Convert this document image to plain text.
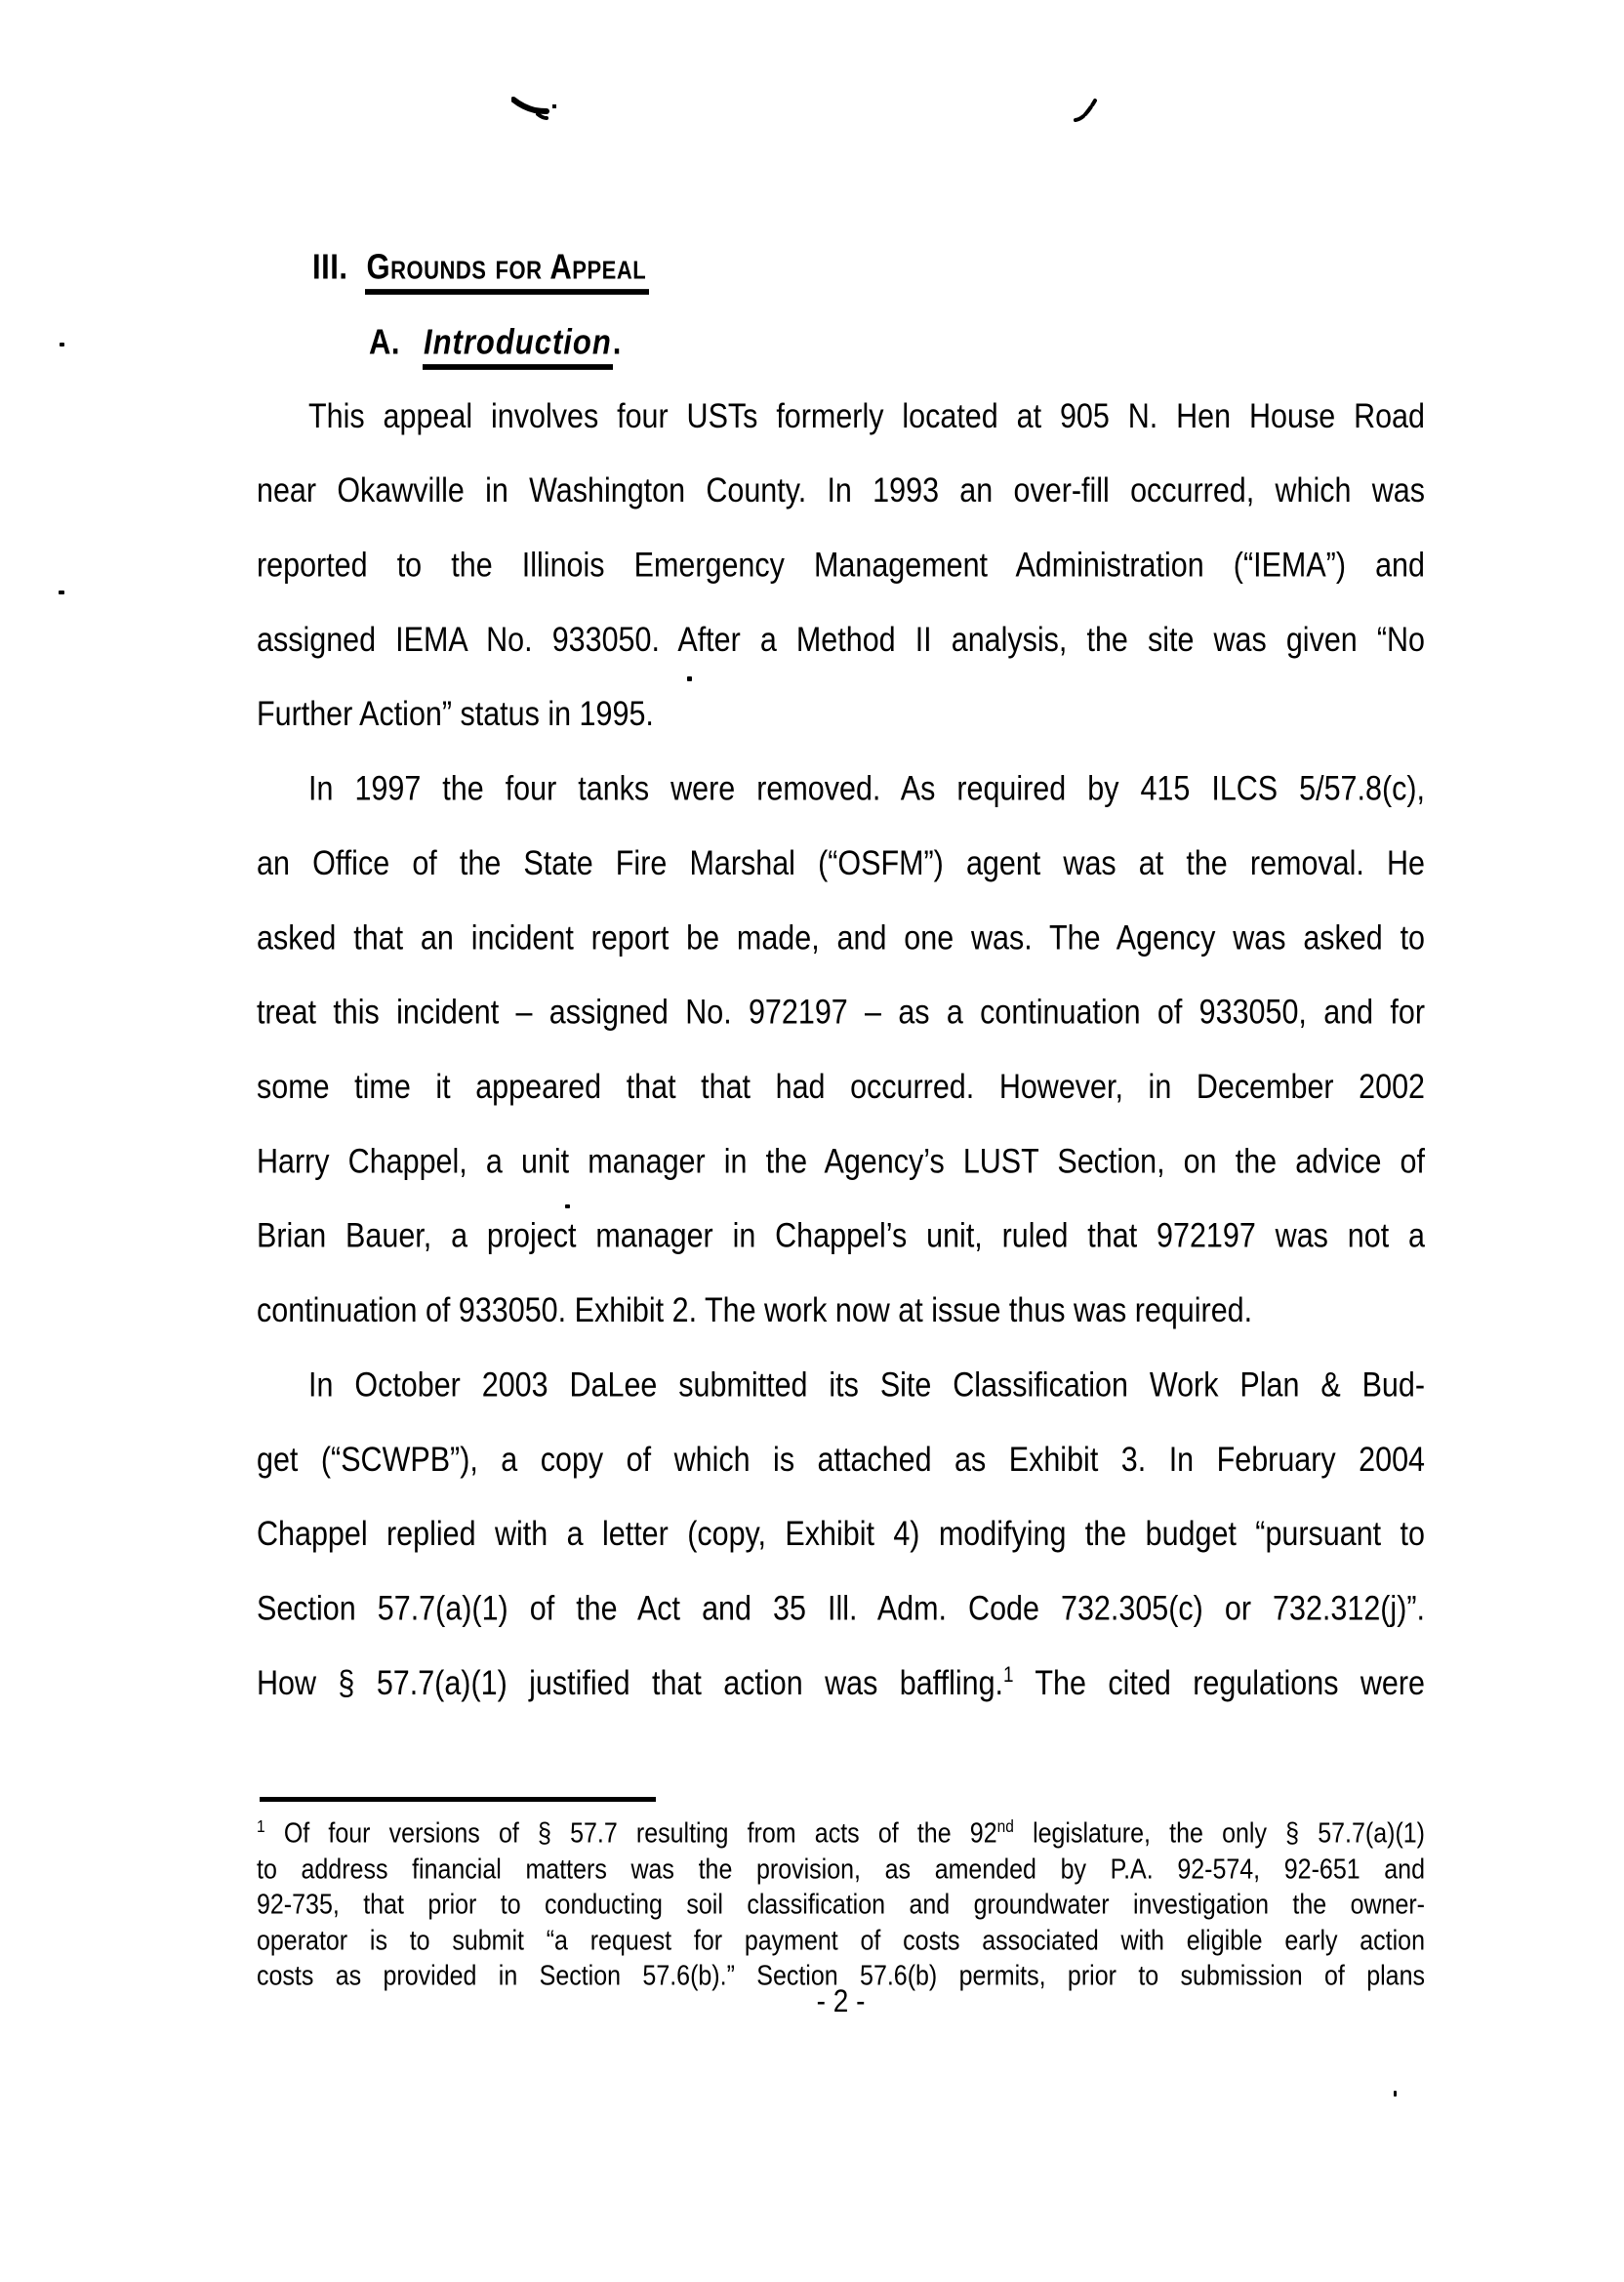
III. Grounds for Appeal
A. Introduction.
This appeal involves four USTs formerly located at 905 N. Hen House Road
near Okawville in Washington County. In 1993 an over-fill occurred, which was
reported to the Illinois Emergency Management Administration (“IEMA”) and
assigned IEMA No. 933050. After a Method II analysis, the site was given “No
Further Action” status in 1995.
In 1997 the four tanks were removed. As required by 415 ILCS 5/57.8(c),
an Office of the State Fire Marshal (“OSFM”) agent was at the removal. He
asked that an incident report be made, and one was. The Agency was asked to
treat this incident – assigned No. 972197 – as a continuation of 933050, and for
some time it appeared that that had occurred. However, in December 2002
Harry Chappel, a unit manager in the Agency’s LUST Section, on the advice of
Brian Bauer, a project manager in Chappel’s unit, ruled that 972197 was not a
continuation of 933050. Exhibit 2. The work now at issue thus was required.
In October 2003 DaLee submitted its Site Classification Work Plan & Bud-
get (“SCWPB”), a copy of which is attached as Exhibit 3. In February 2004
Chappel replied with a letter (copy, Exhibit 4) modifying the budget “pursuant to
Section 57.7(a)(1) of the Act and 35 Ill. Adm. Code 732.305(c) or 732.312(j)”.
How § 57.7(a)(1) justified that action was baffling.$^1$ The cited regulations were
$^1$ Of four versions of § 57.7 resulting from acts of the 92nd legislature, the only § 57.7(a)(1)
to address financial matters was the provision, as amended by P.A. 92-574, 92-651 and
92-735, that prior to conducting soil classification and groundwater investigation the owner-
operator is to submit “a request for payment of costs associated with eligible early action
costs as provided in Section 57.6(b).” Section 57.6(b) permits, prior to submission of plans
- 2 -
